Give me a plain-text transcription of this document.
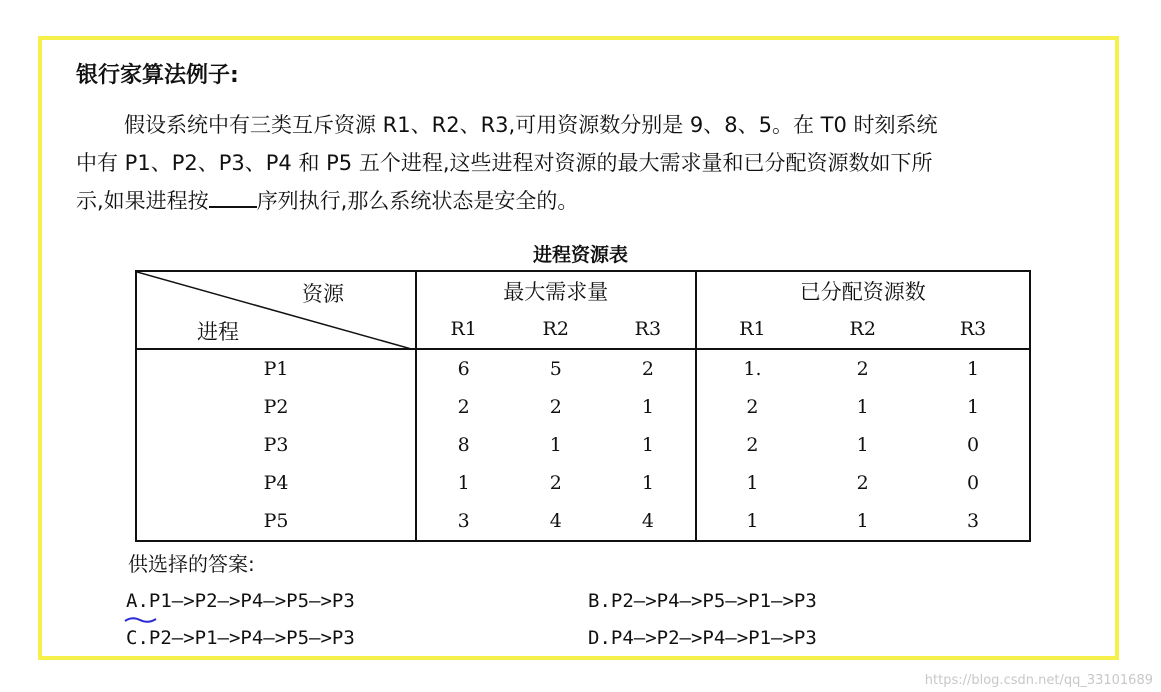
银行家算法例子:
假设系统中有三类互斥资源 R1、R2、R3,可用资源数分别是 9、8、5。在 T0 时刻系统
中有 P1、P2、P3、P4 和 P5 五个进程,这些进程对资源的最大需求量和已分配资源数如下所
示,如果进程按 序列执行,那么系统状态是安全的。
进程资源表
资源
进程	最大需求量			已分配资源数		
	R1	R2	R3	R1	R2	R3
P1	6	5	2	1.	2	1
P2	2	2	1	2	1	1
P3	8	1	1	2	1	0
P4	1	2	1	1	2	0
P5	3	4	4	1	1	3
供选择的答案:
A.P1—>P2—>P4—>P5—>P3	B.P2—>P4—>P5—>P1—>P3
C.P2—>P1—>P4—>P5—>P3	D.P4—>P2—>P4—>P1—>P3
https://blog.csdn.net/qq_33101689
